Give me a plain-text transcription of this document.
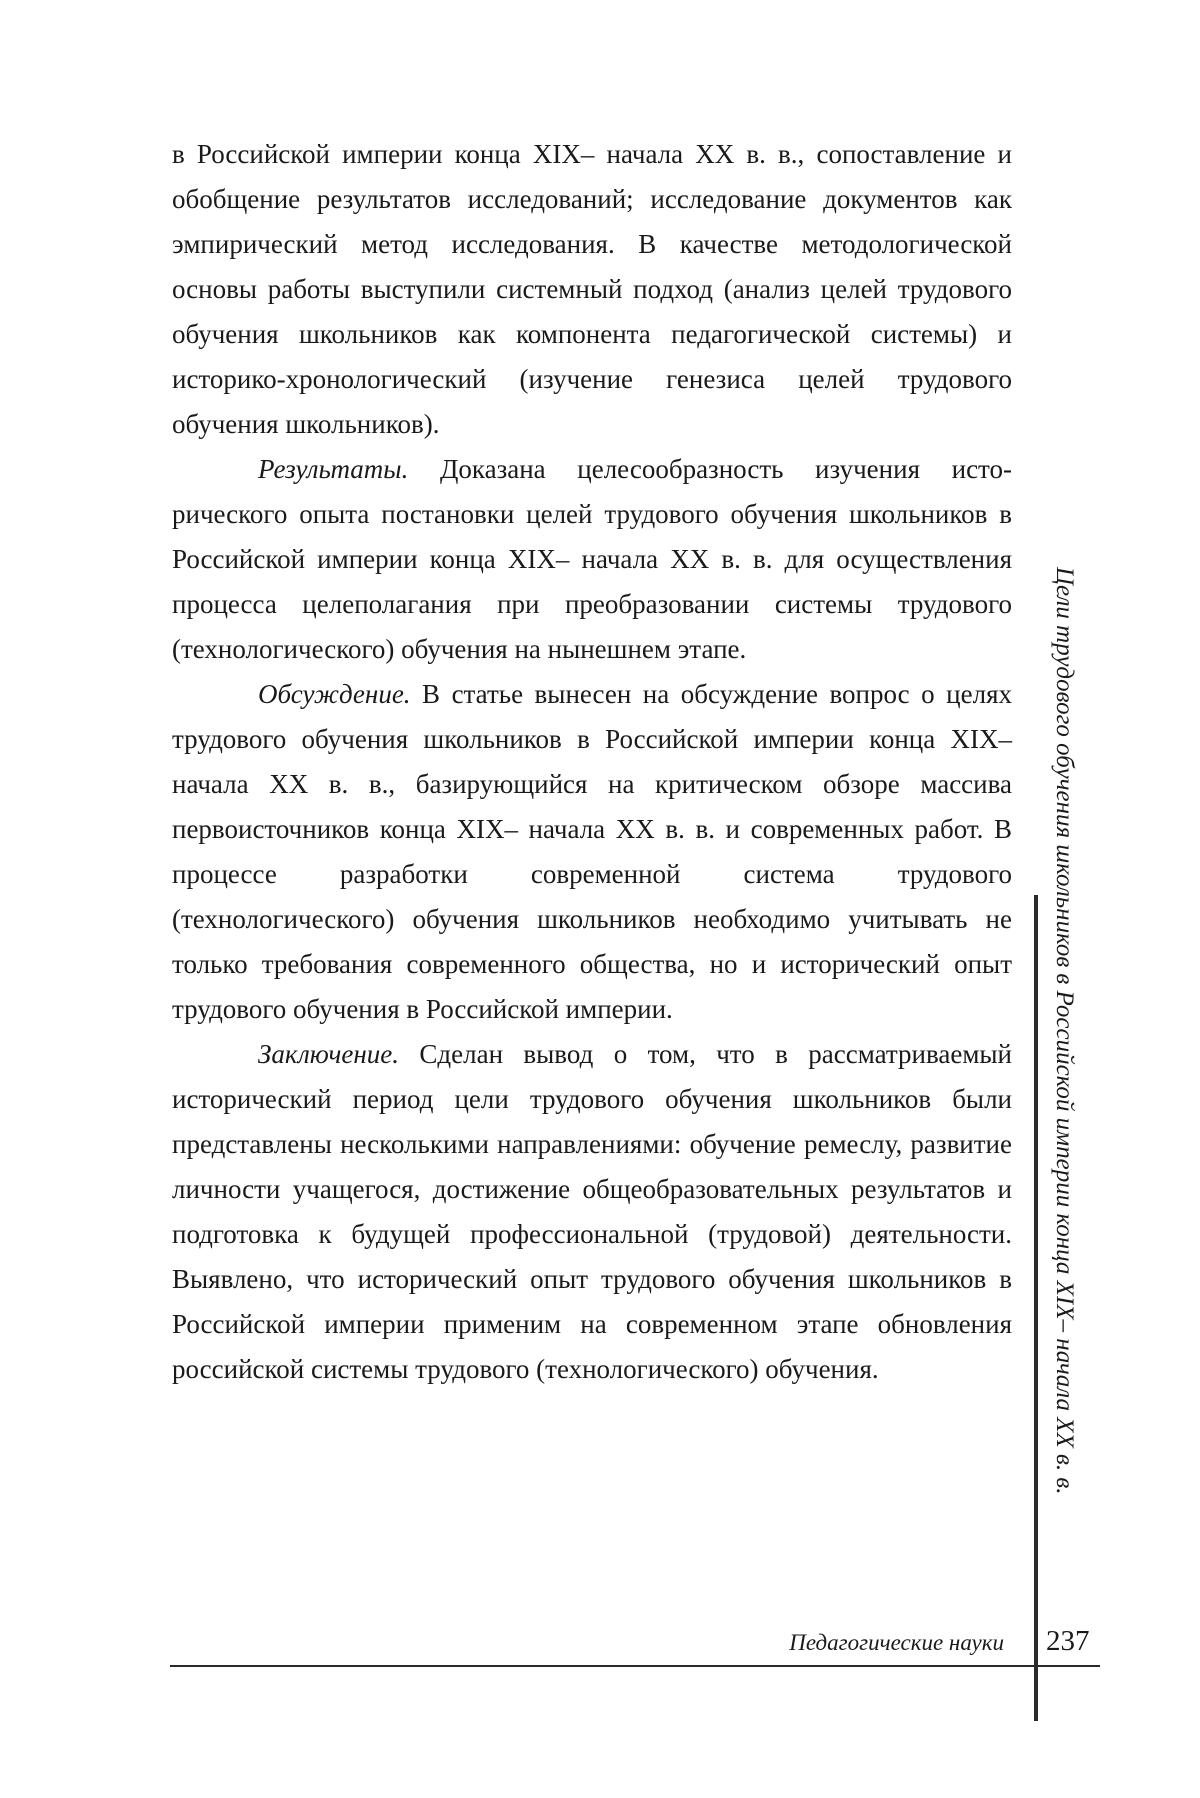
в Российской империи конца XIX– начала XX в. в., сопоставление и обобщение результатов исследований; исследование документов как эмпирический метод исследования. В качестве методологической основы работы выступили системный подход (анализ целей трудового обучения школьников как компонента педагогической системы) и историко-хронологический (изучение генезиса целей трудового обучения школьников).

Результаты. Доказана целесообразность изучения исторического опыта постановки целей трудового обучения школьников в Российской империи конца XIX– начала XX в. в. для осуществления процесса целеполагания при преобразовании системы трудового (технологического) обучения на нынешнем этапе.

Обсуждение. В статье вынесен на обсуждение вопрос о целях трудового обучения школьников в Российской империи конца XIX– начала XX в. в., базирующийся на критическом обзоре массива первоисточников конца XIX– начала XX в. в. и современных работ. В процессе разработки современной система трудового (технологического) обучения школьников необходимо учитывать не только требования современного общества, но и исторический опыт трудового обучения в Российской империи.

Заключение. Сделан вывод о том, что в рассматриваемый исторический период цели трудового обучения школьников были представлены несколькими направлениями: обучение ремеслу, развитие личности учащегося, достижение общеобразовательных результатов и подготовка к будущей профессиональной (трудовой) деятельности. Выявлено, что исторический опыт трудового обучения школьников в Российской империи применим на современном этапе обновления российской системы трудового (технологического) обучения.	Цели трудового обучения школьников в Российской империи конца XIX– начала XX в. в.
Педагогические науки 237
